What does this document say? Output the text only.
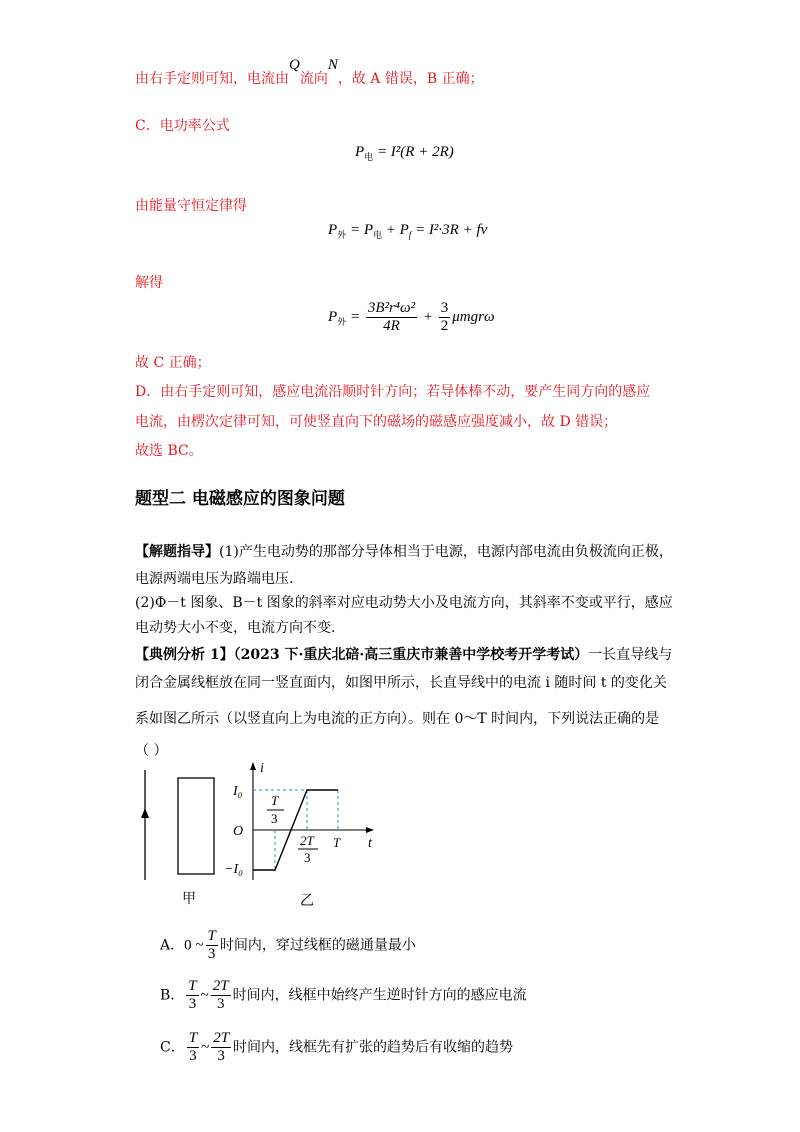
由右手定则可知，电流由Q流向N，故 A 错误，B 正确；
C．电功率公式
$P_电 = I^2(R + 2R)$
由能量守恒定律得
$P_外 = P_电 + P_f = I^2\cdot 3R$ + fv
解得
$P_外 = \frac{\text{3B²r⁴ω²}}{4R} + \frac{3}{2}$ μmgrω
故 C 正确；
D．由右手定则可知，感应电流沿顺时针方向；若导体棒不动，要产生同方向的感应
电流，由楞次定律可知，可使竖直向下的磁场的磁感应强度减小，故 D 错误；
故选 BC。
题型二 电磁感应的图象问题
【解题指导】(1)产生电动势的那部分导体相当于电源，电源内部电流由负极流向正极，
电源两端电压为路端电压.
(2)Φ－t 图象、B－t 图象的斜率对应电动势大小及电流方向，其斜率不变或平行，感应
电动势大小不变，电流方向不变.
【典例分析 1】（2023 下·重庆北碚·高三重庆市兼善中学校考开学考试）一长直导线与
闭合金属线框放在同一竖直面内，如图甲所示，长直导线中的电流 i 随时间 t 的变化关
系如图乙所示（以竖直向上为电流的正方向）。则在 0～T 时间内，下列说法正确的是
（ ）
甲
i
t
O
I₀
−I₀
T
3
2T
3
T
乙
A．0 ~ $\frac{T}{3}$ 时间内，穿过线框的磁通量最小
B． $\frac{T}{3}$ ~ $\frac{2T}{3}$ 时间内，线框中始终产生逆时针方向的感应电流
C． $\frac{T}{3}$ ~ $\frac{2T}{3}$ 时间内，线框先有扩张的趋势后有收缩的趋势
